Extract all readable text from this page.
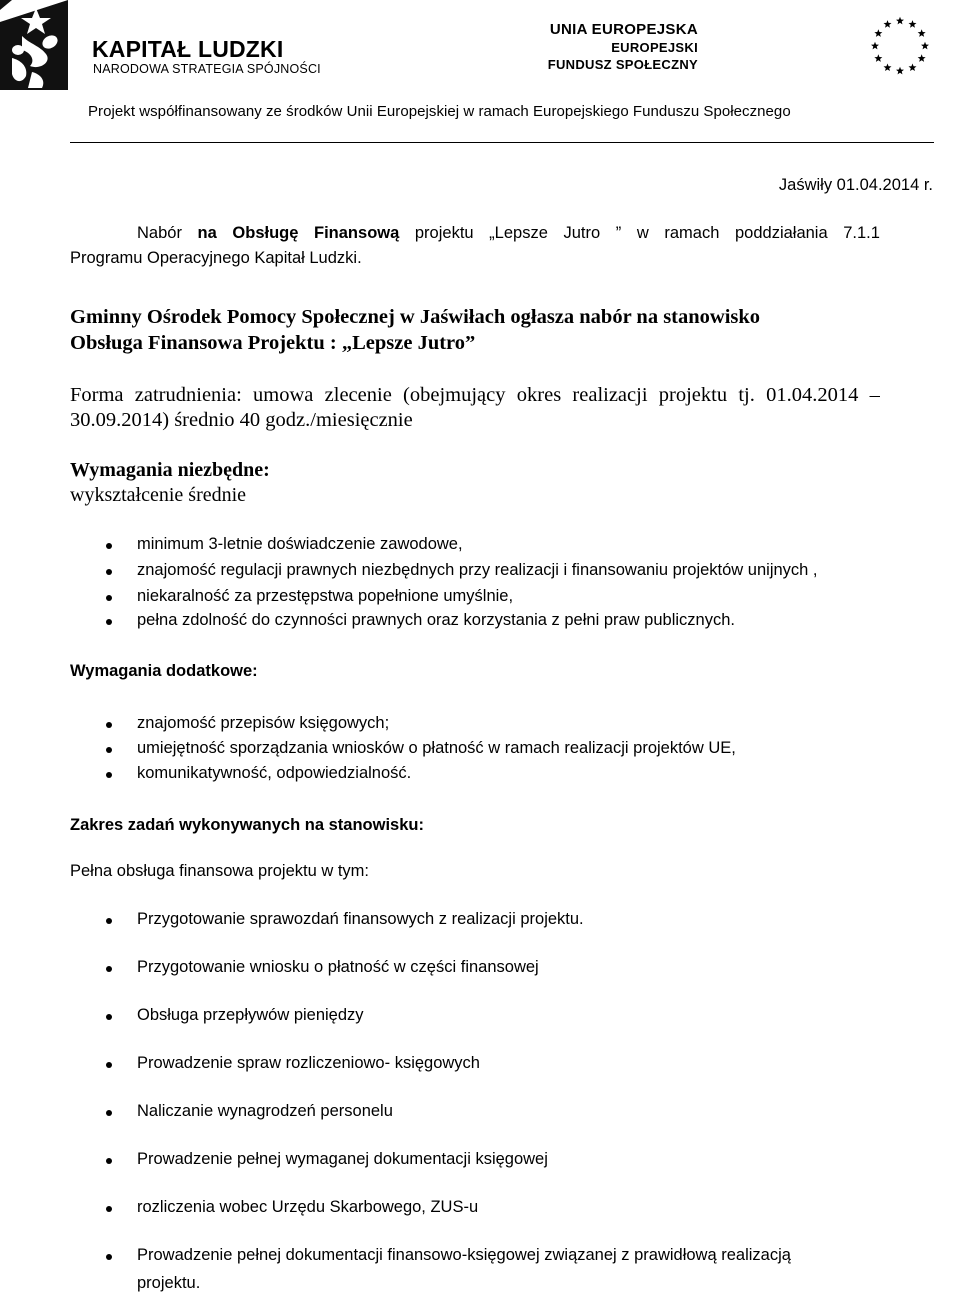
KAPITAŁ LUDZKI
NARODOWA STRATEGIA SPÓJNOŚCI
UNIA EUROPEJSKA
EUROPEJSKI
FUNDUSZ SPOŁECZNY
Projekt współfinansowany ze środków Unii Europejskiej w ramach Europejskiego Funduszu Społecznego
Jaświły 01.04.2014 r.
Nabór na Obsługę Finansową projektu „Lepsze Jutro ” w ramach poddziałania 7.1.1
Programu Operacyjnego Kapitał Ludzki.
Gminny Ośrodek Pomocy Społecznej w Jaświłach ogłasza nabór na stanowisko
Obsługa Finansowa Projektu : „Lepsze Jutro”
Forma zatrudnienia: umowa zlecenie (obejmujący okres realizacji projektu tj. 01.04.2014 –
30.09.2014) średnio 40 godz./miesięcznie
Wymagania niezbędne:
wykształcenie średnie
minimum 3-letnie doświadczenie zawodowe,
znajomość regulacji prawnych niezbędnych przy realizacji i finansowaniu projektów unijnych ,
niekaralność za przestępstwa popełnione umyślnie,
pełna zdolność do czynności prawnych oraz korzystania z pełni praw publicznych.
Wymagania dodatkowe:
znajomość przepisów księgowych;
umiejętność sporządzania wniosków o płatność w ramach realizacji projektów UE,
komunikatywność, odpowiedzialność.
Zakres zadań wykonywanych na stanowisku:
Pełna obsługa finansowa projektu w tym:
Przygotowanie sprawozdań finansowych z realizacji projektu.
Przygotowanie wniosku o płatność w części finansowej
Obsługa przepływów pieniędzy
Prowadzenie spraw rozliczeniowo- księgowych
Naliczanie wynagrodzeń personelu
Prowadzenie pełnej wymaganej dokumentacji księgowej
rozliczenia wobec Urzędu Skarbowego, ZUS-u
Prowadzenie pełnej dokumentacji finansowo-księgowej związanej z prawidłową realizacją
projektu.
